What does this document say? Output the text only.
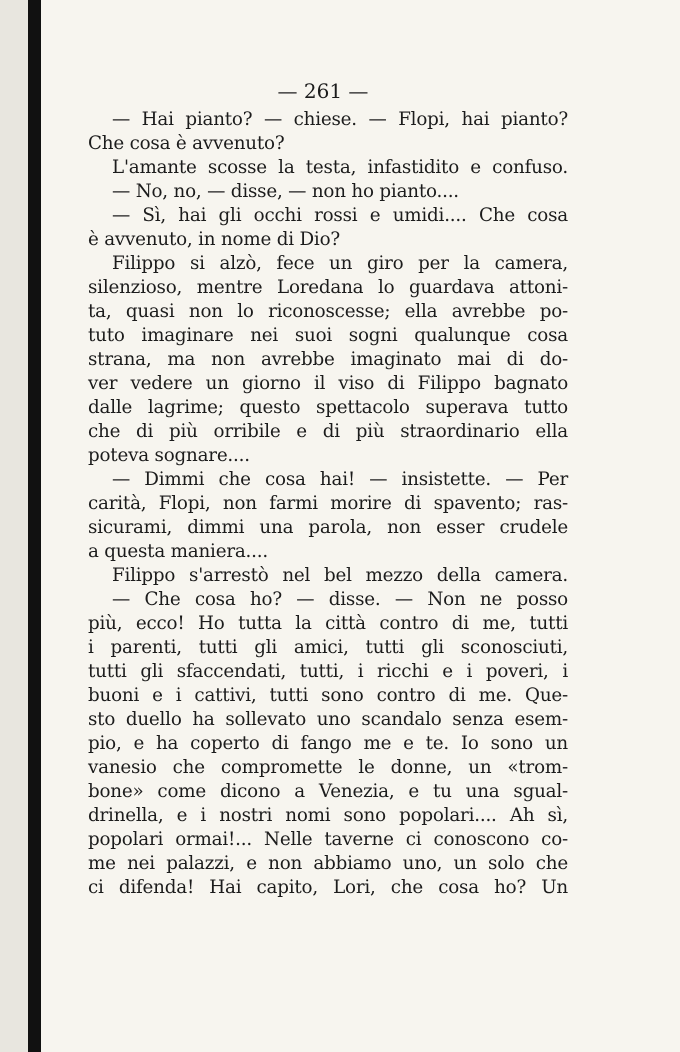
— 261 —
— Hai pianto? — chiese. — Flopi, hai pianto?
Che cosa è avvenuto?
L'amante scosse la testa, infastidito e confuso.
— No, no, — disse, — non ho pianto....
— Sì, hai gli occhi rossi e umidi.... Che cosa
è avvenuto, in nome di Dio?
Filippo si alzò, fece un giro per la camera,
silenzioso, mentre Loredana lo guardava attoni-
ta, quasi non lo riconoscesse; ella avrebbe po-
tuto imaginare nei suoi sogni qualunque cosa
strana, ma non avrebbe imaginato mai di do-
ver vedere un giorno il viso di Filippo bagnato
dalle lagrime; questo spettacolo superava tutto
che di più orribile e di più straordinario ella
poteva sognare....
— Dimmi che cosa hai! — insistette. — Per
carità, Flopi, non farmi morire di spavento; ras-
sicurami, dimmi una parola, non esser crudele
a questa maniera....
Filippo s'arrestò nel bel mezzo della camera.
— Che cosa ho? — disse. — Non ne posso
più, ecco! Ho tutta la città contro di me, tutti
i parenti, tutti gli amici, tutti gli sconosciuti,
tutti gli sfaccendati, tutti, i ricchi e i poveri, i
buoni e i cattivi, tutti sono contro di me. Que-
sto duello ha sollevato uno scandalo senza esem-
pio, e ha coperto di fango me e te. Io sono un
vanesio che compromette le donne, un «trom-
bone» come dicono a Venezia, e tu una sgual-
drinella, e i nostri nomi sono popolari.... Ah sì,
popolari ormai!... Nelle taverne ci conoscono co-
me nei palazzi, e non abbiamo uno, un solo che
ci difenda! Hai capito, Lori, che cosa ho? Un
